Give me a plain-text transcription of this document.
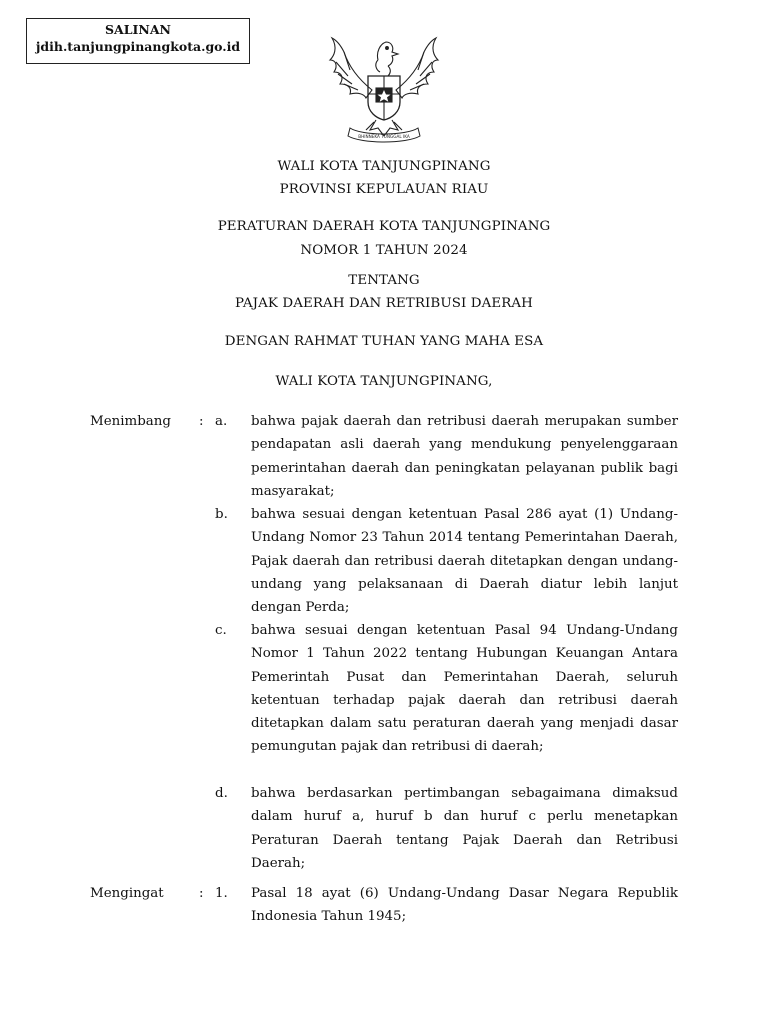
SALINAN
jdih.tanjungpinangkota.go.id
BHINNEKA TUNGGAL IKA
WALI KOTA TANJUNGPINANG
PROVINSI KEPULAUAN RIAU
PERATURAN DAERAH KOTA TANJUNGPINANG
NOMOR 1 TAHUN 2024
TENTANG
PAJAK DAERAH DAN RETRIBUSI DAERAH
DENGAN RAHMAT TUHAN YANG MAHA ESA
WALI KOTA TANJUNGPINANG,
Menimbang : a. bahwa pajak daerah dan retribusi daerah merupakan sumber pendapatan asli daerah yang mendukung penyelenggaraan pemerintahan daerah dan peningkatan pelayanan publik bagi masyarakat;
b. bahwa sesuai dengan ketentuan Pasal 286 ayat (1) Undang-Undang Nomor 23 Tahun 2014 tentang Pemerintahan Daerah, Pajak daerah dan retribusi daerah ditetapkan dengan undang-undang yang pelaksanaan di Daerah diatur lebih lanjut dengan Perda;
c. bahwa sesuai dengan ketentuan Pasal 94 Undang-Undang Nomor 1 Tahun 2022 tentang Hubungan Keuangan Antara Pemerintah Pusat dan Pemerintahan Daerah, seluruh ketentuan terhadap pajak daerah dan retribusi daerah ditetapkan dalam satu peraturan daerah yang menjadi dasar pemungutan pajak dan retribusi di daerah;
d. bahwa berdasarkan pertimbangan sebagaimana dimaksud dalam huruf a, huruf b dan huruf c perlu menetapkan Peraturan Daerah tentang Pajak Daerah dan Retribusi Daerah;
Mengingat	: 1. Pasal 18 ayat (6) Undang-Undang Dasar Negara Republik Indonesia Tahun 1945;
